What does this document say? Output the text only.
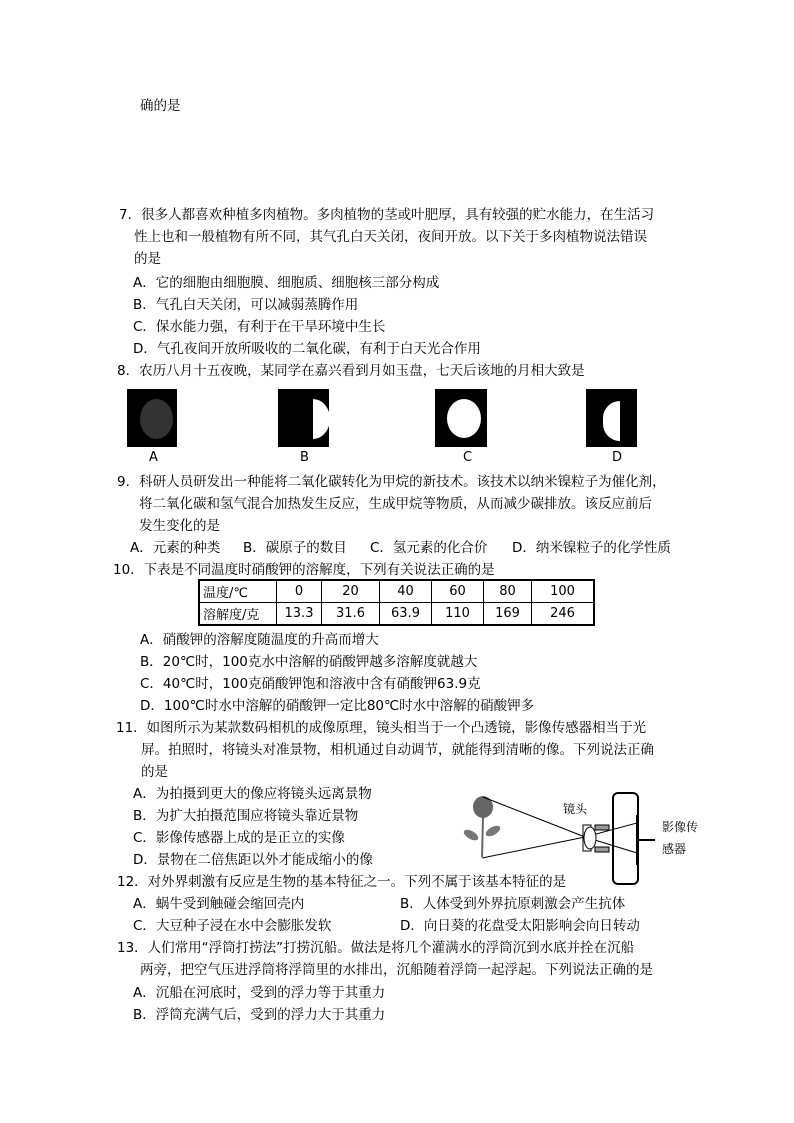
确的是
7．很多人都喜欢种植多肉植物。多肉植物的茎或叶肥厚，具有较强的贮水能力，在生活习
性上也和一般植物有所不同，其气孔白天关闭，夜间开放。以下关于多肉植物说法错误
的是
A．它的细胞由细胞膜、细胞质、细胞核三部分构成
B．气孔白天关闭，可以减弱蒸腾作用
C．保水能力强，有利于在干旱环境中生长
D．气孔夜间开放所吸收的二氧化碳，有利于白天光合作用
8．农历八月十五夜晚，某同学在嘉兴看到月如玉盘，七天后该地的月相大致是
A	B	C	D
9．科研人员研发出一种能将二氧化碳转化为甲烷的新技术。该技术以纳米镍粒子为催化剂，
将二氧化碳和氢气混合加热发生反应，生成甲烷等物质，从而减少碳排放。该反应前后
发生变化的是
A．元素的种类 B．碳原子的数目 C．氢元素的化合价 D．纳米镍粒子的化学性质
10．下表是不同温度时硝酸钾的溶解度，下列有关说法正确的是
温度/℃	0	20	40	60	80	100
溶解度/克	13.3	31.6	63.9	110	169	246
A．硝酸钾的溶解度随温度的升高而增大
B．20℃时，100克水中溶解的硝酸钾越多溶解度就越大
C．40℃时，100克硝酸钾饱和溶液中含有硝酸钾63.9克
D．100℃时水中溶解的硝酸钾一定比80℃时水中溶解的硝酸钾多
11．如图所示为某款数码相机的成像原理，镜头相当于一个凸透镜，影像传感器相当于光
屏。拍照时，将镜头对准景物，相机通过自动调节，就能得到清晰的像。下列说法正确
的是
A．为拍摄到更大的像应将镜头远离景物
B．为扩大拍摄范围应将镜头靠近景物
C．影像传感器上成的是正立的实像
D．景物在二倍焦距以外才能成缩小的像
镜头
影像传
感器
12．对外界刺激有反应是生物的基本特征之一。下列不属于该基本特征的是
A．蜗牛受到触碰会缩回壳内	B．人体受到外界抗原刺激会产生抗体
C．大豆种子浸在水中会膨胀发软	D．向日葵的花盘受太阳影响会向日转动
13．人们常用“浮筒打捞法”打捞沉船。做法是将几个灌满水的浮筒沉到水底并拴在沉船
两旁，把空气压进浮筒将浮筒里的水排出，沉船随着浮筒一起浮起。下列说法正确的是
A．沉船在河底时，受到的浮力等于其重力
B．浮筒充满气后，受到的浮力大于其重力
